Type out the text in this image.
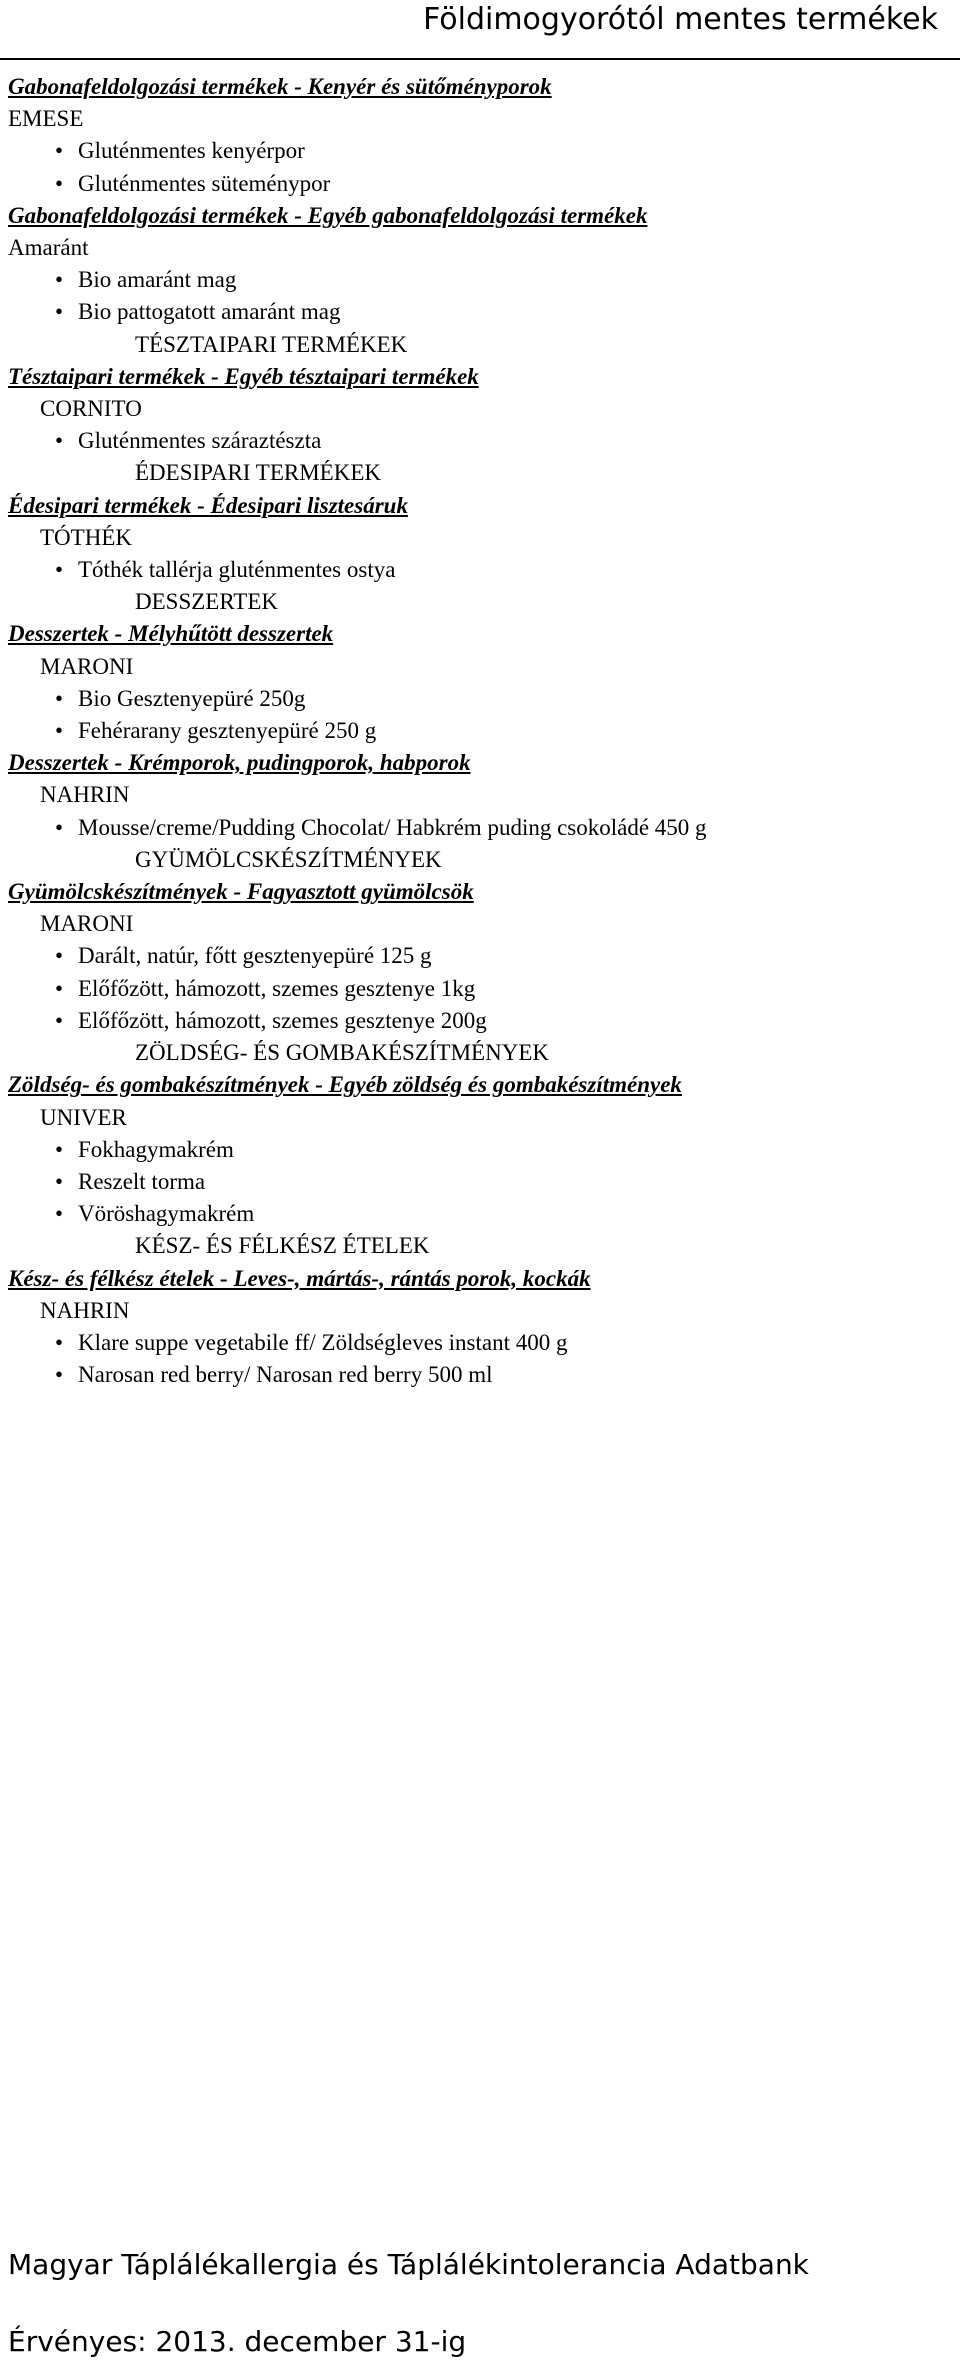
Földimogyorótól mentes termékek
Gabonafeldolgozási termékek - Kenyér és sütőményporok
EMESE
• Gluténmentes kenyérpor
• Gluténmentes süteménypor
Gabonafeldolgozási termékek - Egyéb gabonafeldolgozási termékek
Amaránt
• Bio amaránt mag
• Bio pattogatott amaránt mag
TÉSZTAIPARI TERMÉKEK
Tésztaipari termékek - Egyéb tésztaipari termékek
CORNITO
• Gluténmentes száraztészta
ÉDESIPARI TERMÉKEK
Édesipari termékek - Édesipari lisztesáruk
TÓTHÉK
• Tóthék tallérja gluténmentes ostya
DESSZERTEK
Desszertek - Mélyhűtött desszertek
MARONI
• Bio Gesztenyepüré 250g
• Fehérarany gesztenyepüré 250 g
Desszertek - Krémporok, pudingporok, habporok
NAHRIN
• Mousse/creme/Pudding Chocolat/ Habkrém puding csokoládé 450 g
GYÜMÖLCSKÉSZÍTMÉNYEK
Gyümölcskészítmények - Fagyasztott gyümölcsök
MARONI
• Darált, natúr, főtt gesztenyepüré 125 g
• Előfőzött, hámozott, szemes gesztenye 1kg
• Előfőzött, hámozott, szemes gesztenye 200g
ZÖLDSÉG- ÉS GOMBAKÉSZÍTMÉNYEK
Zöldség- és gombakészítmények - Egyéb zöldség és gombakészítmények
UNIVER
• Fokhagymakrém
• Reszelt torma
• Vöröshagymakrém
KÉSZ- ÉS FÉLKÉSZ ÉTELEK
Kész- és félkész ételek - Leves-, mártás-, rántás porok, kockák
NAHRIN
• Klare suppe vegetabile ff/ Zöldségleves instant 400 g
• Narosan red berry/ Narosan red berry 500 ml
Magyar Táplálékallergia és Táplálékintolerancia Adatbank
Érvényes: 2013. december 31-ig
